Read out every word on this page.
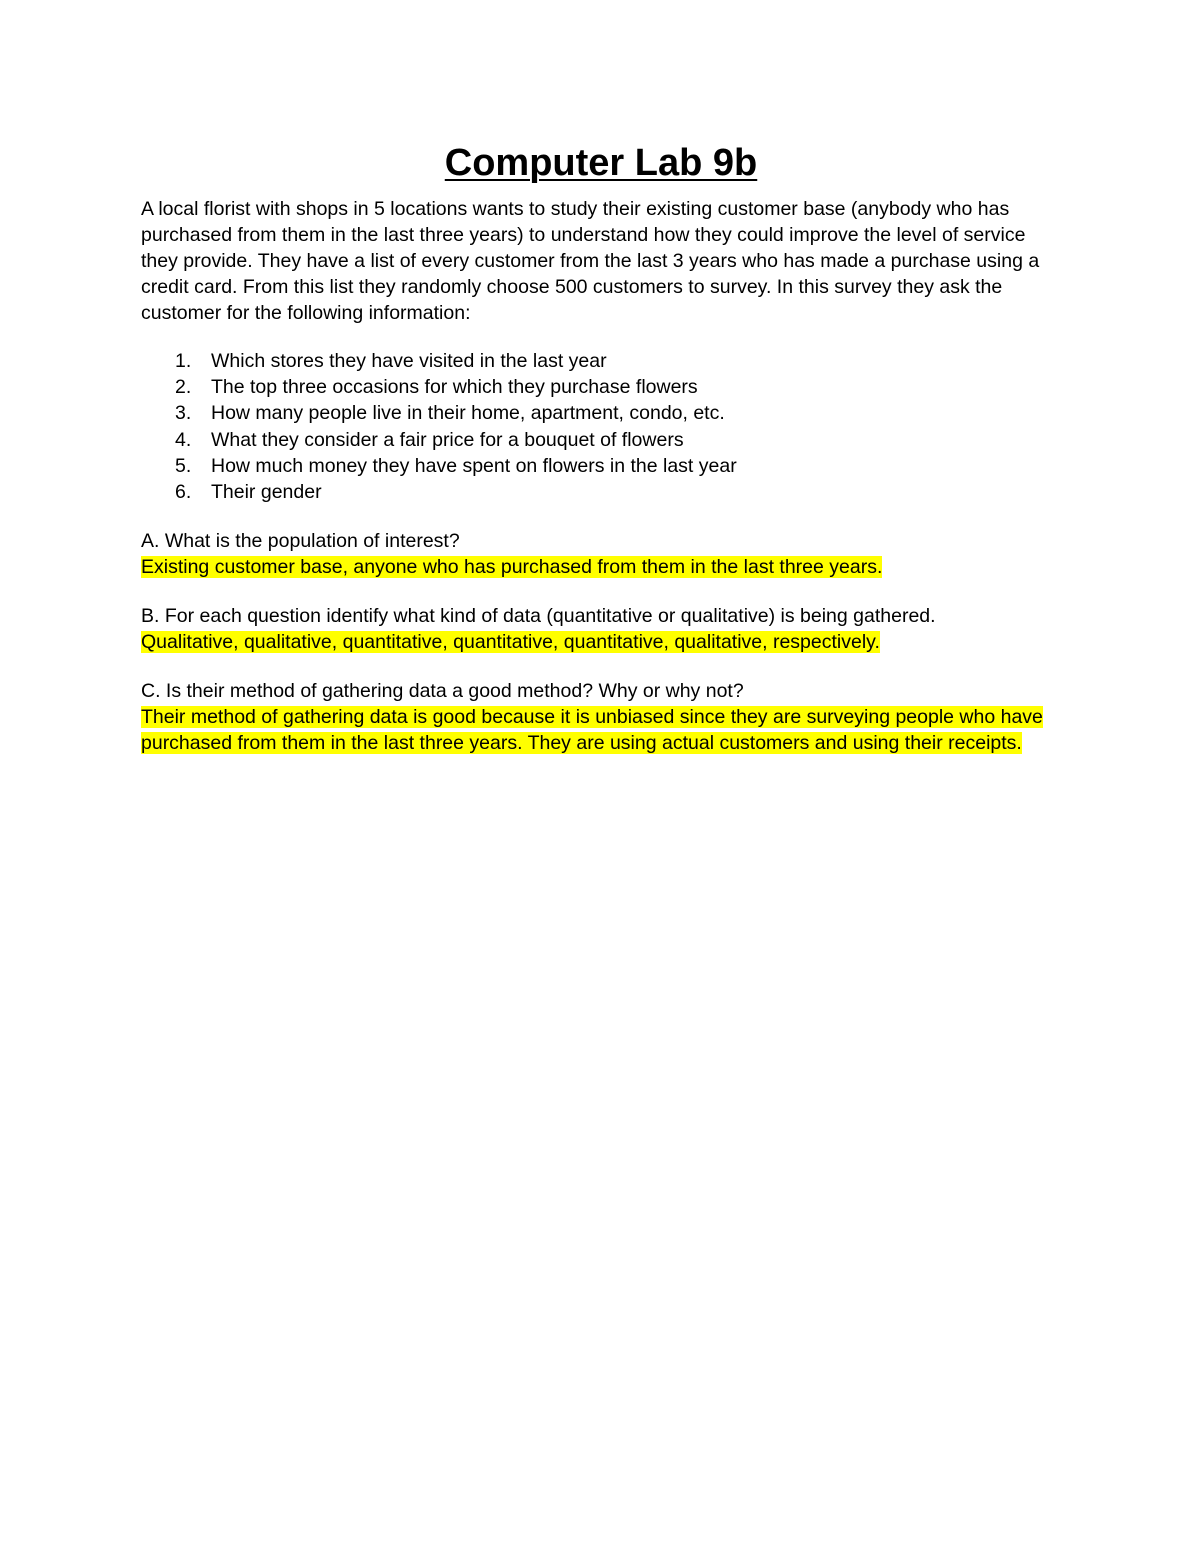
Computer Lab 9b

A local florist with shops in 5 locations wants to study their existing customer base (anybody who has purchased from them in the last three years) to understand how they could improve the level of service they provide. They have a list of every customer from the last 3 years who has made a purchase using a credit card. From this list they randomly choose 500 customers to survey. In this survey they ask the customer for the following information:

1.	Which stores they have visited in the last year
2.	The top three occasions for which they purchase flowers
3.	How many people live in their home, apartment, condo, etc.
4.	What they consider a fair price for a bouquet of flowers
5.	How much money they have spent on flowers in the last year
6.	Their gender

A. What is the population of interest?

Existing customer base, anyone who has purchased from them in the last three years.

B. For each question identify what kind of data (quantitative or qualitative) is being gathered.

Qualitative, qualitative, quantitative, quantitative, quantitative, qualitative, respectively.

C. Is their method of gathering data a good method? Why or why not?

Their method of gathering data is good because it is unbiased since they are surveying people who have purchased from them in the last three years. They are using actual customers and using their receipts.
